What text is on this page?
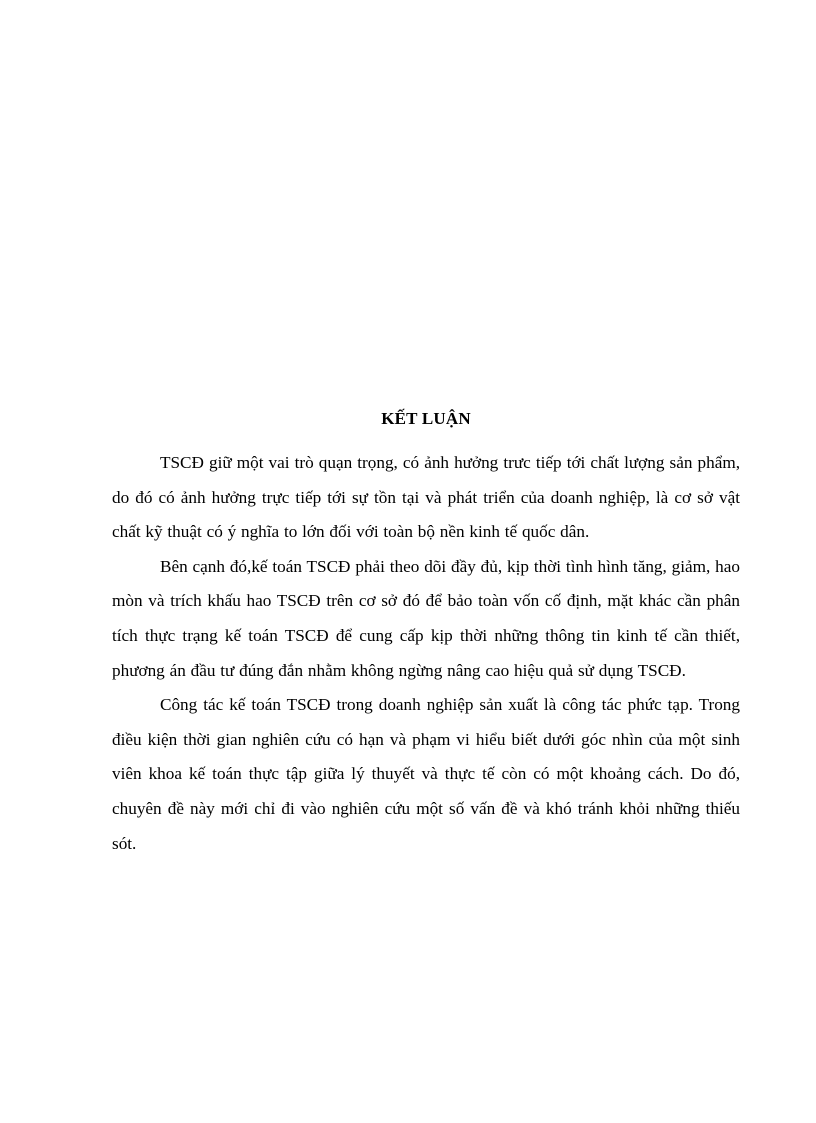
KẾT LUẬN

TSCĐ giữ một vai trò quạn trọng, có ảnh hưởng trưc tiếp tới chất lượng sản phẩm, do đó có ảnh hưởng trực tiếp tới sự tồn tại và phát triển của doanh nghiệp, là cơ sở vật chất kỹ thuật có ý nghĩa to lớn đối với toàn bộ nền kinh tế quốc dân.

Bên cạnh đó,kế toán TSCĐ phải theo dõi đầy đủ, kịp thời tình hình tăng, giảm, hao mòn và trích khấu hao TSCĐ trên cơ sở đó để bảo toàn vốn cố định, mặt khác cần phân tích thực trạng kế toán TSCĐ để cung cấp kịp thời những thông tin kinh tế cần thiết, phương án đầu tư đúng đắn nhằm không ngừng nâng cao hiệu quả sử dụng TSCĐ.

Công tác kế toán TSCĐ trong doanh nghiệp sản xuất là công tác phức tạp. Trong điều kiện thời gian nghiên cứu có hạn và phạm vi hiểu biết dưới góc nhìn của một sinh viên khoa kế toán thực tập giữa lý thuyết và thực tế còn có một khoảng cách. Do đó, chuyên đề này mới chỉ đi vào nghiên cứu một số vấn đề và khó tránh khỏi những thiếu sót.
